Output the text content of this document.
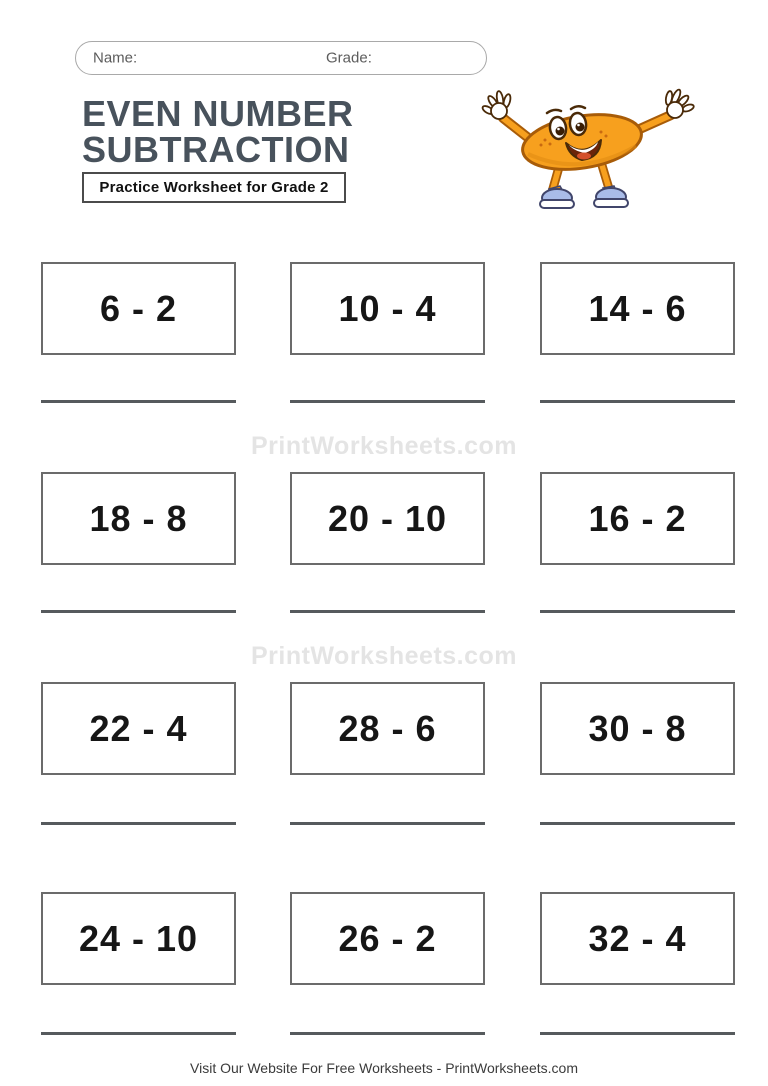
Name:	Grade:
EVEN NUMBER
SUBTRACTION
Practice Worksheet for Grade 2
6 - 2	10 - 4	14 - 6
18 - 8	20 - 10	16 - 2
22 - 4	28 - 6	30 - 8
24 - 10	26 - 2	32 - 4
PrintWorksheets.com
PrintWorksheets.com
Visit Our Website For Free Worksheets - PrintWorksheets.com
